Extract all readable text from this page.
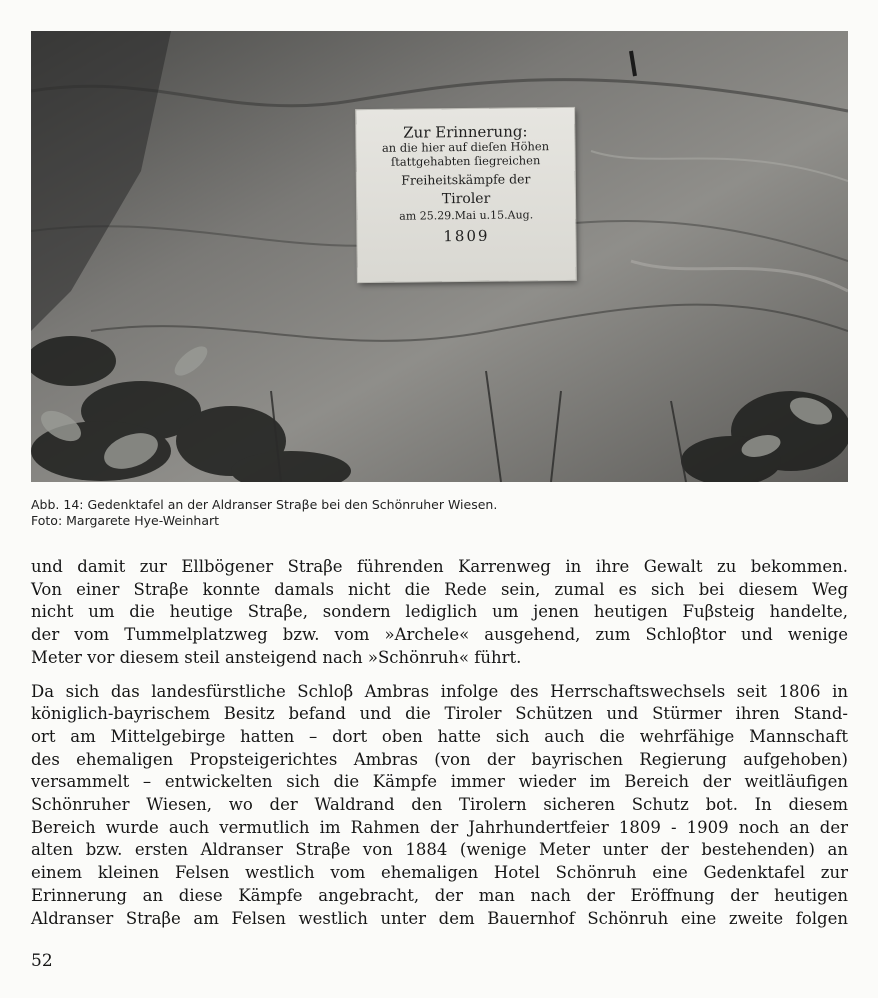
Zur Erinnerung:
an die hier auf dieſen Höhen
ſtattgehabten ſiegreichen
Freiheitskämpfe der
Tiroler
am 25.29.Mai u.15.Aug.
1809
Abb. 14: Gedenktafel an der Aldranser Straβe bei den Schönruher Wiesen.
Foto: Margarete Hye-Weinhart

und damit zur Ellbögener Straβe führenden Karrenweg in ihre Gewalt zu bekommen.
Von einer Straβe konnte damals nicht die Rede sein, zumal es sich bei diesem Weg
nicht um die heutige Straβe, sondern lediglich um jenen heutigen Fuβsteig handelte,
der vom Tummelplatzweg bzw. vom »Archele« ausgehend, zum Schloβtor und wenige
Meter vor diesem steil ansteigend nach »Schönruh« führt.

Da sich das landesfürstliche Schloβ Ambras infolge des Herrschaftswechsels seit 1806 in
königlich-bayrischem Besitz befand und die Tiroler Schützen und Stürmer ihren Stand-
ort am Mittelgebirge hatten – dort oben hatte sich auch die wehrfähige Mannschaft
des ehemaligen Propsteigerichtes Ambras (von der bayrischen Regierung aufgehoben)
versammelt – entwickelten sich die Kämpfe immer wieder im Bereich der weitläufigen
Schönruher Wiesen, wo der Waldrand den Tirolern sicheren Schutz bot. In diesem
Bereich wurde auch vermutlich im Rahmen der Jahrhundertfeier 1809 - 1909 noch an der
alten bzw. ersten Aldranser Straβe von 1884 (wenige Meter unter der bestehenden) an
einem kleinen Felsen westlich vom ehemaligen Hotel Schönruh eine Gedenktafel zur
Erinnerung an diese Kämpfe angebracht, der man nach der Eröffnung der heutigen
Aldranser Straβe am Felsen westlich unter dem Bauernhof Schönruh eine zweite folgen

52
